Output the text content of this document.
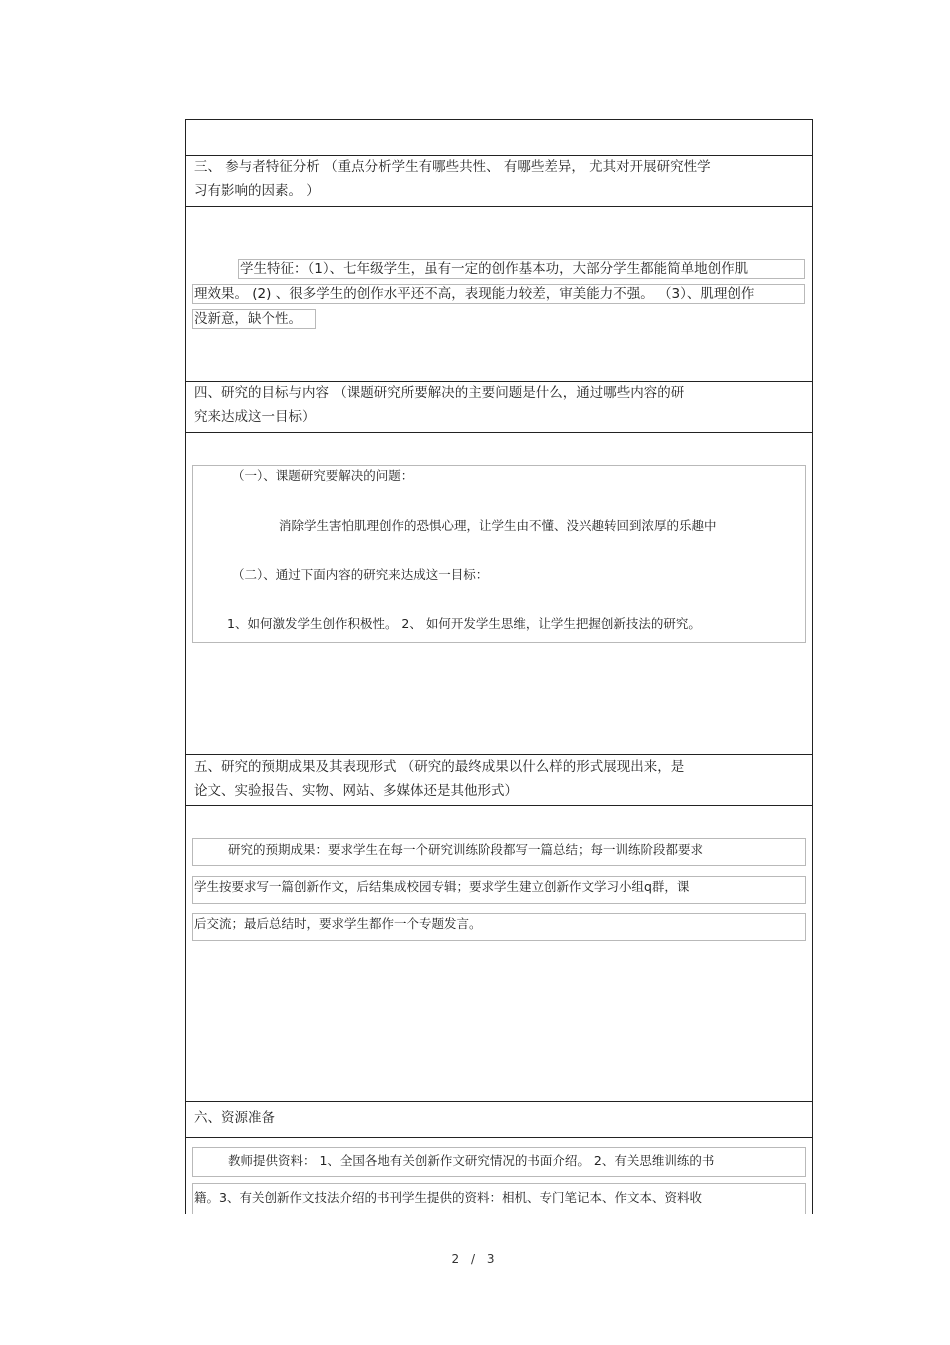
三、 参与者特征分析 （重点分析学生有哪些共性、 有哪些差异， 尤其对开展研究性学
习有影响的因素。 ）
学生特征：（1）、七年级学生，虽有一定的创作基本功，大部分学生都能简单地创作肌
理效果。 (2) 、很多学生的创作水平还不高，表现能力较差，审美能力不强。 （3）、肌理创作
没新意，缺个性。
四、研究的目标与内容 （课题研究所要解决的主要问题是什么，通过哪些内容的研
究来达成这一目标）
（一）、课题研究要解决的问题：
消除学生害怕肌理创作的恐惧心理，让学生由不懂、没兴趣转回到浓厚的乐趣中
（二）、通过下面内容的研究来达成这一目标：
1、如何激发学生创作积极性。 2、 如何开发学生思维，让学生把握创新技法的研究。
五、研究的预期成果及其表现形式 （研究的最终成果以什么样的形式展现出来，是
论文、实验报告、实物、网站、多媒体还是其他形式）
研究的预期成果：要求学生在每一个研究训练阶段都写一篇总结；每一训练阶段都要求
学生按要求写一篇创新作文，后结集成校园专辑；要求学生建立创新作文学习小组q群，课
后交流；最后总结时，要求学生都作一个专题发言。
六、资源准备
教师提供资料： 1、全国各地有关创新作文研究情况的书面介绍。 2、有关思维训练的书
籍。3、有关创新作文技法介绍的书刊学生提供的资料：相机、专门笔记本、作文本、资料收
2 / 3
